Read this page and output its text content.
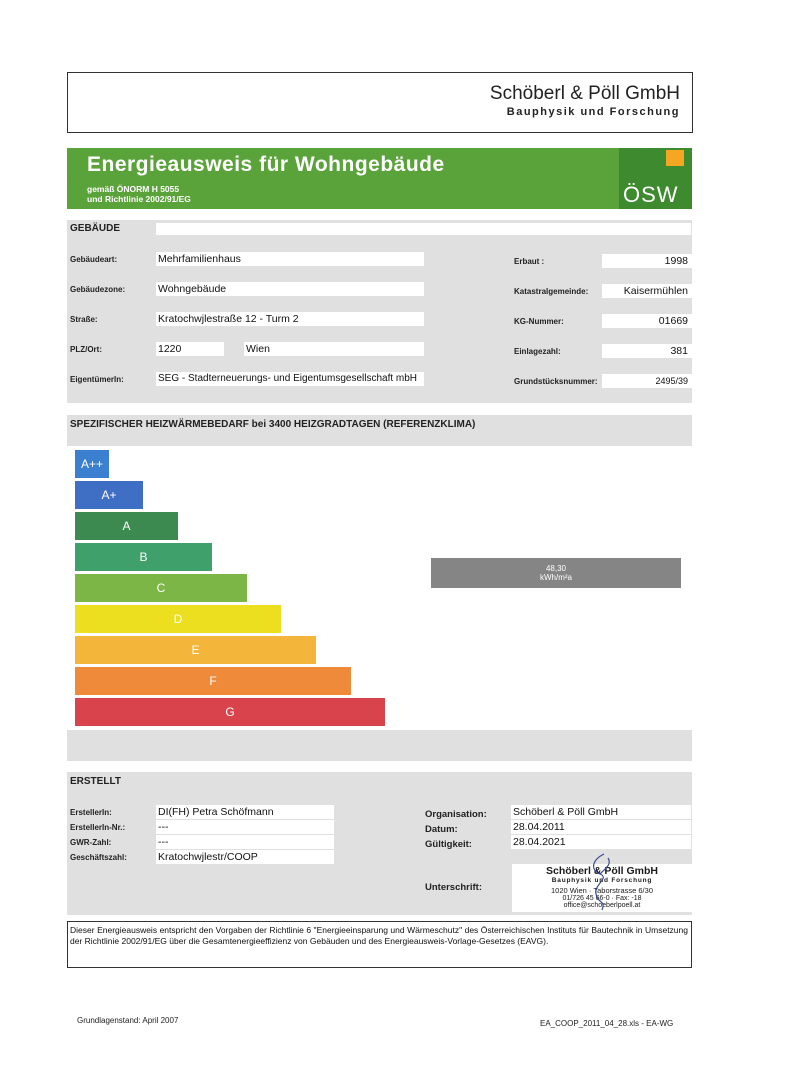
Schöberl & Pöll GmbH
Bauphysik und Forschung
Energieausweis für Wohngebäude
gemäß ÖNORM H 5055
und Richtlinie 2002/91/EG	ÖSW
GEBÄUDE
Gebäudeart:	Mehrfamilienhaus
Gebäudezone:	Wohngebäude
Straße:	Kratochwjlestraße 12 - Turm 2
PLZ/Ort:	1220	Wien
EigentümerIn:	SEG - Stadterneuerungs- und Eigentumsgesellschaft mbH
Erbaut :	1998
Katastralgemeinde:	Kaisermühlen
KG-Nummer:	01669
Einlagezahl:	381
Grundstücksnummer:	2495/39
SPEZIFISCHER HEIZWÄRMEBEDARF bei 3400 HEIZGRADTAGEN (REFERENZKLIMA)
A++
A+
A
B
C
D
E
F
G
48,30
kWh/m²a
ERSTELLT
ErstellerIn:	DI(FH) Petra Schöfmann
ErstellerIn-Nr.:	---
GWR-Zahl:	---
Geschäftszahl:	Kratochwjlestr/COOP
Organisation: Schöberl & Pöll GmbH
Datum:	28.04.2011
Gültigkeit:	28.04.2021
Unterschrift:
Schöberl & Pöll GmbH
Bauphysik und Forschung
1020 Wien · Taborstrasse 6/30
01/726 45 66-0 · Fax: -18
office@schoeberlpoell.at
Dieser Energieausweis entspricht den Vorgaben der Richtlinie 6 "Energieeinsparung und Wärmeschutz" des Österreichischen Instituts für Bautechnik in Umsetzung der Richtlinie 2002/91/EG über die Gesamtenergieeffizienz von Gebäuden und des Energieausweis-Vorlage-Gesetzes (EAVG).
Grundlagenstand: April 2007	EA_COOP_2011_04_28.xls - EA-WG
